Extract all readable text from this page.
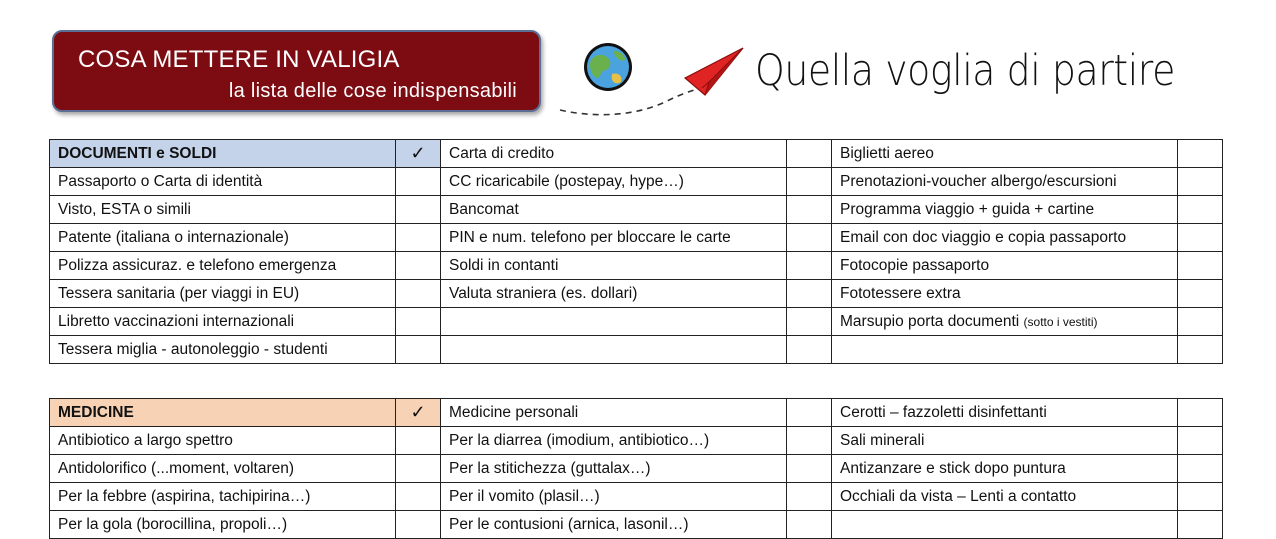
COSA METTERE IN VALIGIA
la lista delle cose indispensabili	Quella voglia di partire
DOCUMENTI e SOLDI	✓	Carta di credito		Biglietti aereo	
Passaporto o Carta di identità		CC ricaricabile (postepay, hype…)		Prenotazioni-voucher albergo/escursioni	
Visto, ESTA o simili		Bancomat		Programma viaggio + guida + cartine	
Patente (italiana o internazionale)		PIN e num. telefono per bloccare le carte		Email con doc viaggio e copia passaporto	
Polizza assicuraz. e telefono emergenza		Soldi in contanti		Fotocopie passaporto	
Tessera sanitaria (per viaggi in EU)		Valuta straniera (es. dollari)		Fototessere extra	
Libretto vaccinazioni internazionali				Marsupio porta documenti (sotto i vestiti)	
Tessera miglia - autonoleggio - studenti					
MEDICINE	✓	Medicine personali		Cerotti – fazzoletti disinfettanti	
Antibiotico a largo spettro		Per la diarrea (imodium, antibiotico…)		Sali minerali	
Antidolorifico (...moment, voltaren)		Per la stitichezza (guttalax…)		Antizanzare e stick dopo puntura	
Per la febbre (aspirina, tachipirina…)		Per il vomito (plasil…)		Occhiali da vista – Lenti a contatto	
Per la gola (borocillina, propoli…)		Per le contusioni (arnica, lasonil…)			
